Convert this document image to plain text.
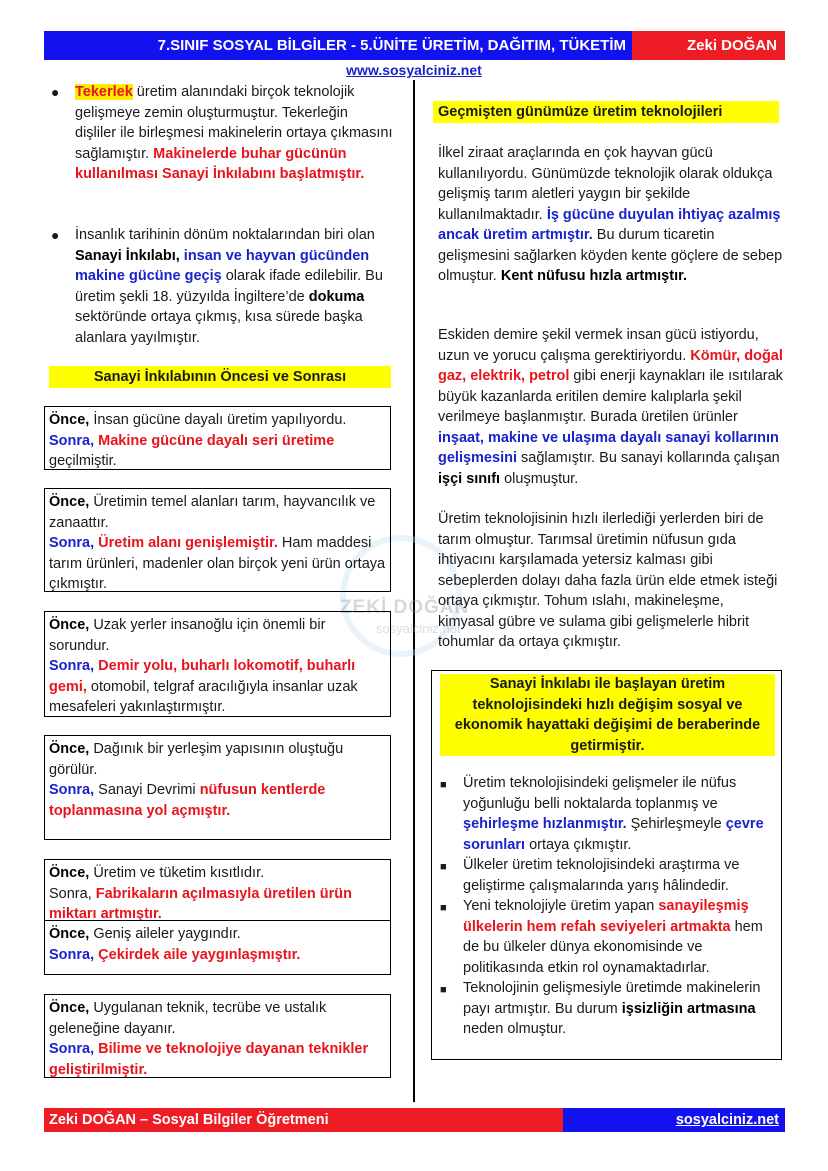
7.SINIF SOSYAL BİLGİLER - 5.ÜNİTE ÜRETİM, DAĞITIM, TÜKETİM	Zeki DOĞAN
www.sosyalciniz.net
ZEKİ DOĞAN
sosyalciniz.net
● Tekerlek üretim alanındaki birçok teknolojik gelişmeye zemin oluşturmuştur. Tekerleğin dişliler ile birleşmesi makinelerin ortaya çıkmasını sağlamıştır. Makinelerde buhar gücünün kullanılması Sanayi İnkılabını başlatmıştır.
● İnsanlık tarihinin dönüm noktalarından biri olan Sanayi İnkılabı, insan ve hayvan gücünden makine gücüne geçiş olarak ifade edilebilir. Bu üretim şekli 18. yüzyılda İngiltere’de dokuma sektöründe ortaya çıkmış, kısa sürede başka alanlara yayılmıştır.
Sanayi İnkılabının Öncesi ve Sonrası
Önce, İnsan gücüne dayalı üretim yapılıyordu.
Sonra, Makine gücüne dayalı seri üretime geçilmiştir.
Önce, Üretimin temel alanları tarım, hayvancılık ve zanaattır.
Sonra, Üretim alanı genişlemiştir. Ham maddesi tarım ürünleri, madenler olan birçok yeni ürün ortaya çıkmıştır.
Önce, Uzak yerler insanoğlu için önemli bir sorundur.
Sonra, Demir yolu, buharlı lokomotif, buharlı gemi, otomobil, telgraf aracılığıyla insanlar uzak mesafeleri yakınlaştırmıştır.
Önce, Dağınık bir yerleşim yapısının oluştuğu görülür.
Sonra, Sanayi Devrimi nüfusun kentlerde toplanmasına yol açmıştır.
Önce, Üretim ve tüketim kısıtlıdır.
Sonra, Fabrikaların açılmasıyla üretilen ürün miktarı artmıştır.
Önce, Geniş aileler yaygındır.
Sonra, Çekirdek aile yaygınlaşmıştır.
Önce, Uygulanan teknik, tecrübe ve ustalık geleneğine dayanır.
Sonra, Bilime ve teknolojiye dayanan teknikler geliştirilmiştir.
Geçmişten günümüze üretim teknolojileri
İlkel ziraat araçlarında en çok hayvan gücü kullanılıyordu. Günümüzde teknolojik olarak oldukça gelişmiş tarım aletleri yaygın bir şekilde kullanılmaktadır. İş gücüne duyulan ihtiyaç azalmış ancak üretim artmıştır. Bu durum ticaretin gelişmesini sağlarken köyden kente göçlere de sebep olmuştur. Kent nüfusu hızla artmıştır.
Eskiden demire şekil vermek insan gücü istiyordu, uzun ve yorucu çalışma gerektiriyordu. Kömür, doğal gaz, elektrik, petrol gibi enerji kaynakları ile ısıtılarak büyük kazanlarda eritilen demire kalıplarla şekil verilmeye başlanmıştır. Burada üretilen ürünler inşaat, makine ve ulaşıma dayalı sanayi kollarının gelişmesini sağlamıştır. Bu sanayi kollarında çalışan işçi sınıfı oluşmuştur.
Üretim teknolojisinin hızlı ilerlediği yerlerden biri de tarım olmuştur. Tarımsal üretimin nüfusun gıda ihtiyacını karşılamada yetersiz kalması gibi sebeplerden dolayı daha fazla ürün elde etmek isteği ortaya çıkmıştır. Tohum ıslahı, makineleşme, kimyasal gübre ve sulama gibi gelişmelerle hibrit tohumlar da ortaya çıkmıştır.
Sanayi İnkılabı ile başlayan üretim teknolojisindeki hızlı değişim sosyal ve ekonomik hayattaki değişimi de beraberinde getirmiştir.
■ Üretim teknolojisindeki gelişmeler ile nüfus yoğunluğu belli noktalarda toplanmış ve şehirleşme hızlanmıştır. Şehirleşmeyle çevre sorunları ortaya çıkmıştır.
■ Ülkeler üretim teknolojisindeki araştırma ve geliştirme çalışmalarında yarış hâlindedir.
■ Yeni teknolojiyle üretim yapan sanayileşmiş ülkelerin hem refah seviyeleri artmakta hem de bu ülkeler dünya ekonomisinde ve politikasında etkin rol oynamaktadırlar.
■ Teknolojinin gelişmesiyle üretimde makinelerin payı artmıştır. Bu durum işsizliğin artmasına neden olmuştur.
Zeki DOĞAN – Sosyal Bilgiler Öğretmeni	sosyalciniz.net
